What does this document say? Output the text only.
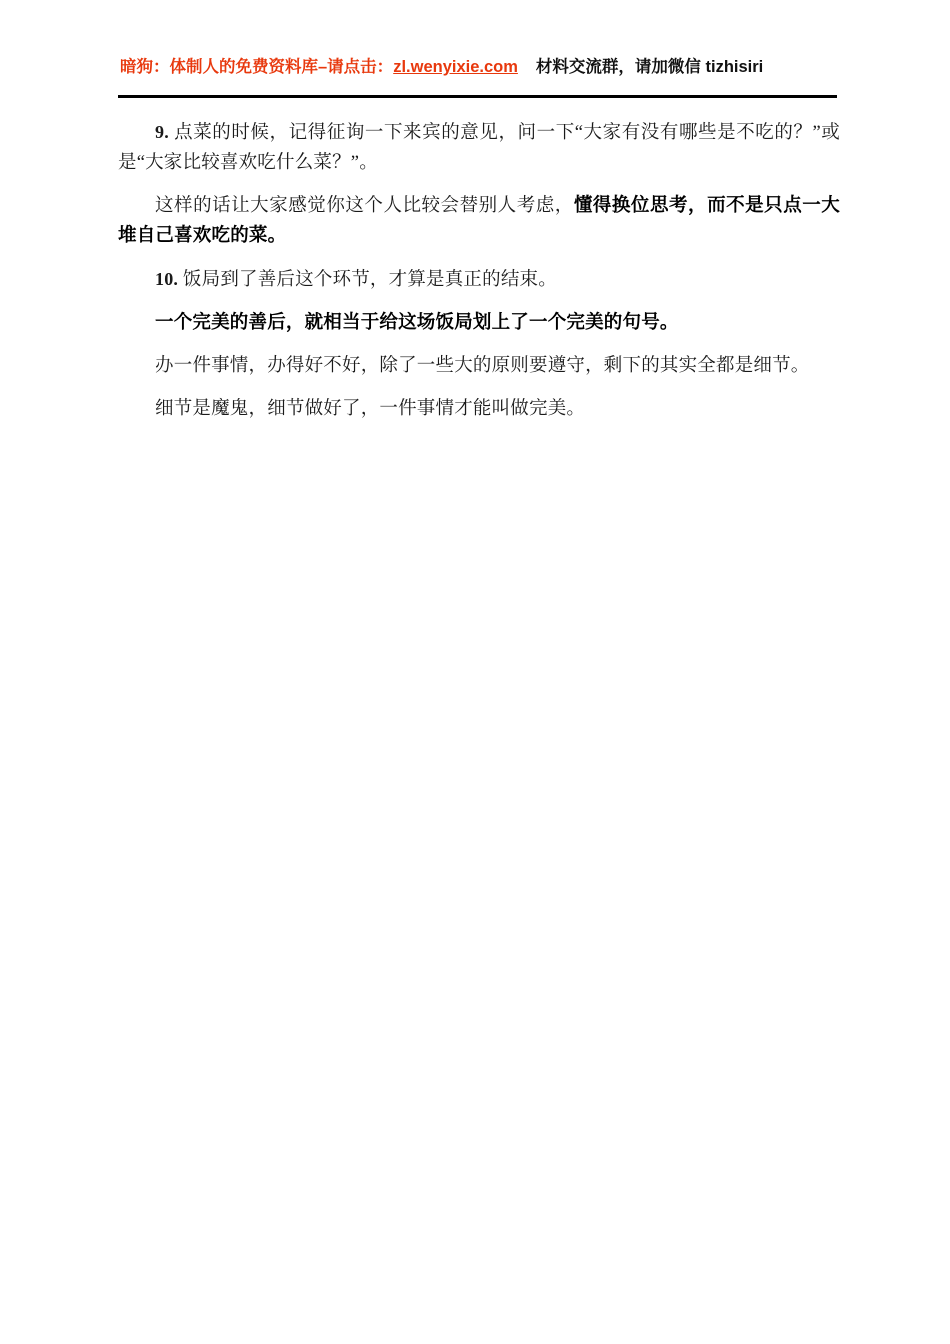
暗狗：体制人的免费资料库–请点击：zl.wenyixie.com 材料交流群，请加微信 tizhisiri

9. 点菜的时候，记得征询一下来宾的意见，问一下“大家有没有哪些是不吃的？”或是“大家比较喜欢吃什么菜？”。

这样的话让大家感觉你这个人比较会替别人考虑，懂得换位思考，而不是只点一大堆自己喜欢吃的菜。

10. 饭局到了善后这个环节，才算是真正的结束。

一个完美的善后，就相当于给这场饭局划上了一个完美的句号。

办一件事情，办得好不好，除了一些大的原则要遵守，剩下的其实全都是细节。

细节是魔鬼，细节做好了，一件事情才能叫做完美。
